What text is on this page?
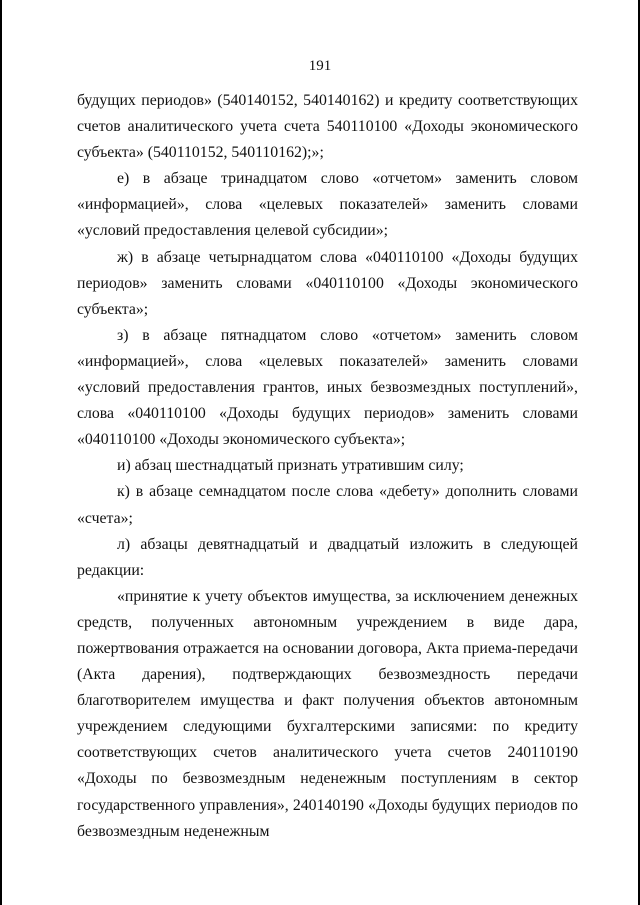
191

будущих периодов» (540140152, 540140162) и кредиту соответствующих счетов аналитического учета счета 540110100 «Доходы экономического субъекта» (540110152, 540110162);»;

е) в абзаце тринадцатом слово «отчетом» заменить словом «информацией», слова «целевых показателей» заменить словами «условий предоставления целевой субсидии»;

ж) в абзаце четырнадцатом слова «040110100 «Доходы будущих периодов» заменить словами «040110100 «Доходы экономического субъекта»;

з) в абзаце пятнадцатом слово «отчетом» заменить словом «информацией», слова «целевых показателей» заменить словами «условий предоставления грантов, иных безвозмездных поступлений», слова «040110100 «Доходы будущих периодов» заменить словами «040110100 «Доходы экономического субъекта»;

и) абзац шестнадцатый признать утратившим силу;

к) в абзаце семнадцатом после слова «дебету» дополнить словами «счета»;

л) абзацы девятнадцатый и двадцатый изложить в следующей редакции:

«принятие к учету объектов имущества, за исключением денежных средств, полученных автономным учреждением в виде дара, пожертвования отражается на основании договора, Акта приема-передачи (Акта дарения), подтверждающих безвозмездность передачи благотворителем имущества и факт получения объектов автономным учреждением следующими бухгалтерскими записями: по кредиту соответствующих счетов аналитического учета счетов 240110190 «Доходы по безвозмездным неденежным поступлениям в сектор государственного управления», 240140190 «Доходы будущих периодов по безвозмездным неденежным
